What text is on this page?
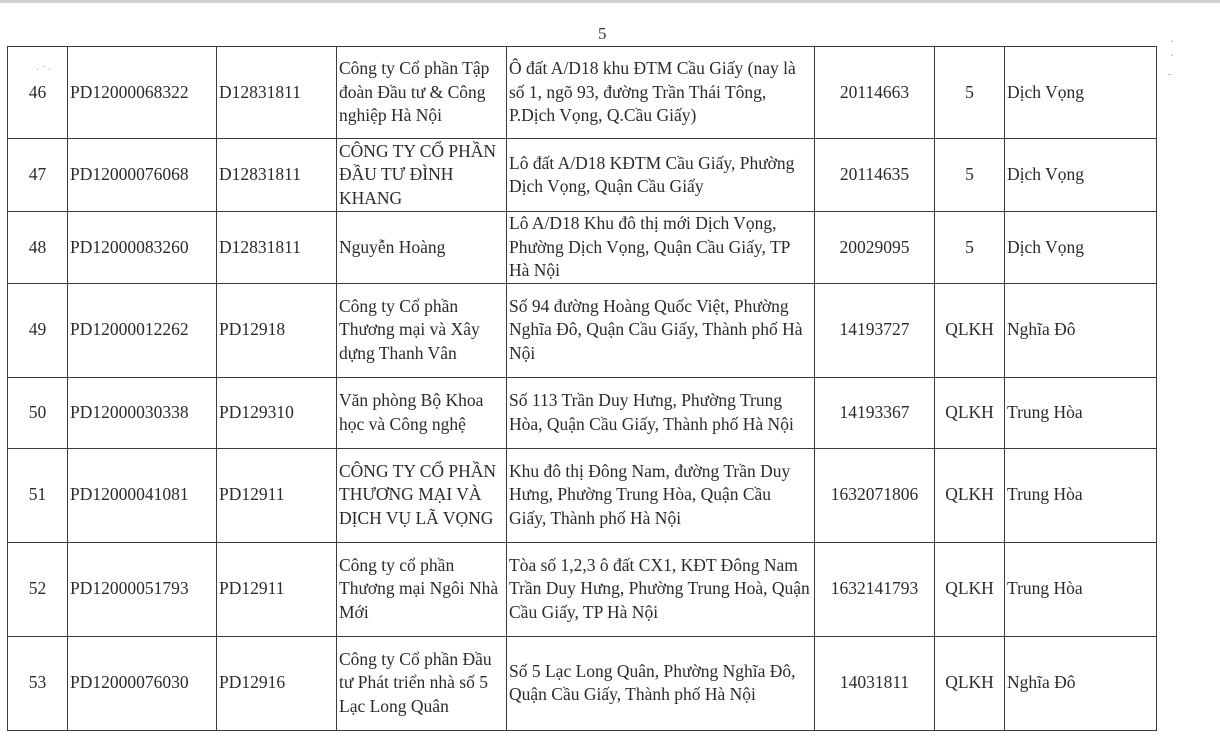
5
· ˙ ·
·
·
-
46	PD12000068322	D12831811	Công ty Cổ phần Tập đoàn Đầu tư & Công nghiệp Hà Nội	Ô đất A/D18 khu ĐTM Cầu Giấy (nay là số 1, ngõ 93, đường Trần Thái Tông, P.Dịch Vọng, Q.Cầu Giấy)	20114663	5	Dịch Vọng
47	PD12000076068	D12831811	CÔNG TY CỔ PHẦN ĐẦU TƯ ĐÌNH KHANG	Lô đất A/D18 KĐTM Cầu Giấy, Phường Dịch Vọng, Quận Cầu Giấy	20114635	5	Dịch Vọng
48	PD12000083260	D12831811	Nguyễn Hoàng	Lô A/D18 Khu đô thị mới Dịch Vọng, Phường Dịch Vọng, Quận Cầu Giấy, TP Hà Nội	20029095	5	Dịch Vọng
49	PD12000012262	PD12918	Công ty Cổ phần Thương mại và Xây dựng Thanh Vân	Số 94 đường Hoàng Quốc Việt, Phường Nghĩa Đô, Quận Cầu Giấy, Thành phố Hà Nội	14193727	QLKH	Nghĩa Đô
50	PD12000030338	PD129310	Văn phòng Bộ Khoa học và Công nghệ	Số 113 Trần Duy Hưng, Phường Trung Hòa, Quận Cầu Giấy, Thành phố Hà Nội	14193367	QLKH	Trung Hòa
51	PD12000041081	PD12911	CÔNG TY CỔ PHẦN THƯƠNG MẠI VÀ DỊCH VỤ LÃ VỌNG	Khu đô thị Đông Nam, đường Trần Duy Hưng, Phường Trung Hòa, Quận Cầu Giấy, Thành phố Hà Nội	1632071806	QLKH	Trung Hòa
52	PD12000051793	PD12911	Công ty cổ phần Thương mại Ngôi Nhà Mới	Tòa số 1,2,3 ô đất CX1, KĐT Đông Nam Trần Duy Hưng, Phường Trung Hoà, Quận Cầu Giấy, TP Hà Nội	1632141793	QLKH	Trung Hòa
53	PD12000076030	PD12916	Công ty Cổ phần Đầu tư Phát triển nhà số 5 Lạc Long Quân	Số 5 Lạc Long Quân, Phường Nghĩa Đô, Quận Cầu Giấy, Thành phố Hà Nội	14031811	QLKH	Nghĩa Đô
